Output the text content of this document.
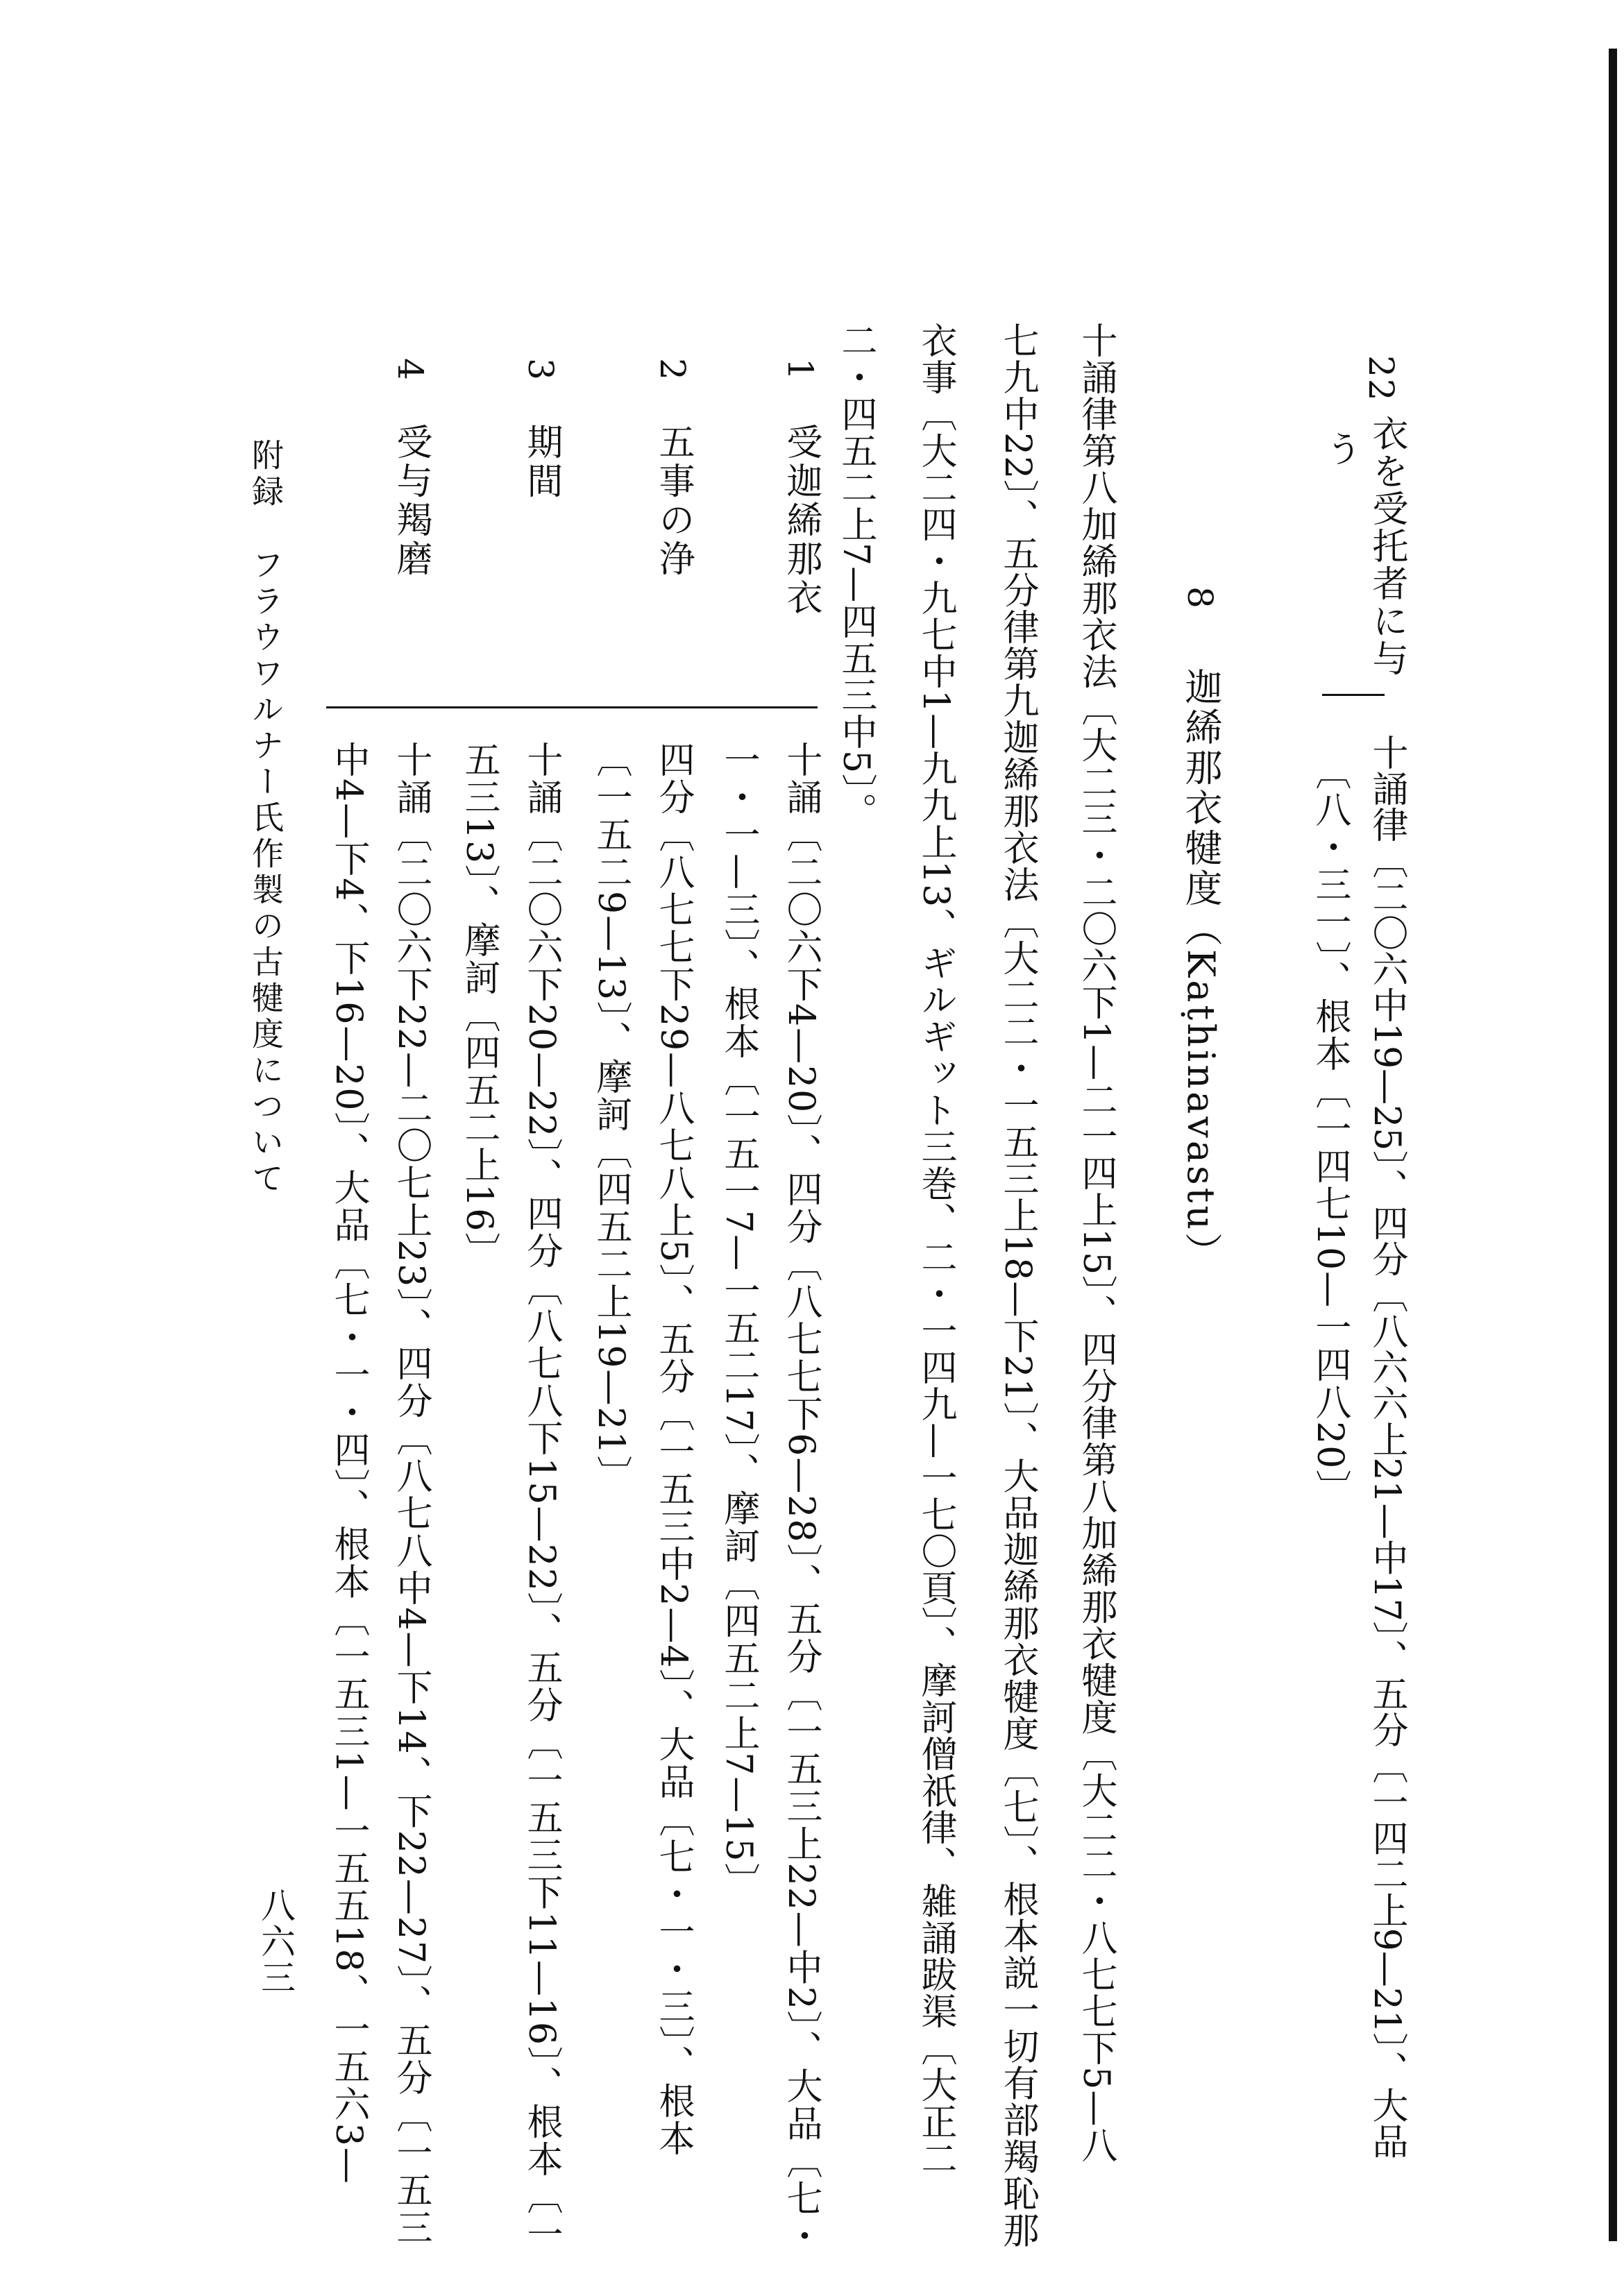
22
衣を受托者に与
う
十誦律〔二〇六中19—25〕、四分〔八六六上21—中17〕、五分〔一四二上9—21〕、大品
〔八・三一〕、根本〔一四七10—一四八20〕
8
迦絺那衣犍度（Kaṭhinavastu）
十誦律第八加絺那衣法〔大二三・二〇六下1—二一四上15〕、四分律第八加絺那衣犍度〔大二二・八七七下5—八
七九中22〕、五分律第九迦絺那衣法〔大二二・一五三上18—下21〕、大品迦絺那衣犍度〔七〕、根本説一切有部羯恥那
衣事〔大二四・九七中1—九九上13、ギルギット三巻、二・一四九—一七〇頁〕、摩訶僧祇律、雑誦跋渠〔大正二
二・四五二上7—四五三中5〕。
1
受迦絺那衣
十誦〔二〇六下4—20〕、四分〔八七七下6—28〕、五分〔一五三上22—中2〕、大品〔七・
一・一—三〕、根本〔一五一7—一五二17〕、摩訶〔四五二上7—15〕
2
五事の浄
四分〔八七七下29—八七八上5〕、五分〔一五三中2—4〕、大品〔七・一・三〕、根本
〔一五二9—13〕、摩訶〔四五二上19—21〕
3
期間
十誦〔二〇六下20—22〕、四分〔八七八下15—22〕、五分〔一五三下11—16〕、根本〔一
五三13〕、摩訶〔四五二上16〕
4
受与羯磨
十誦〔二〇六下22—二〇七上23〕、四分〔八七八中4—下14、下22—27〕、五分〔一五三
中4—下4、下16—20〕、大品〔七・一・四〕、根本〔一五三1—一五五18、一五六3—
附録
フラウワルナー氏作製の古犍度について
八六三
